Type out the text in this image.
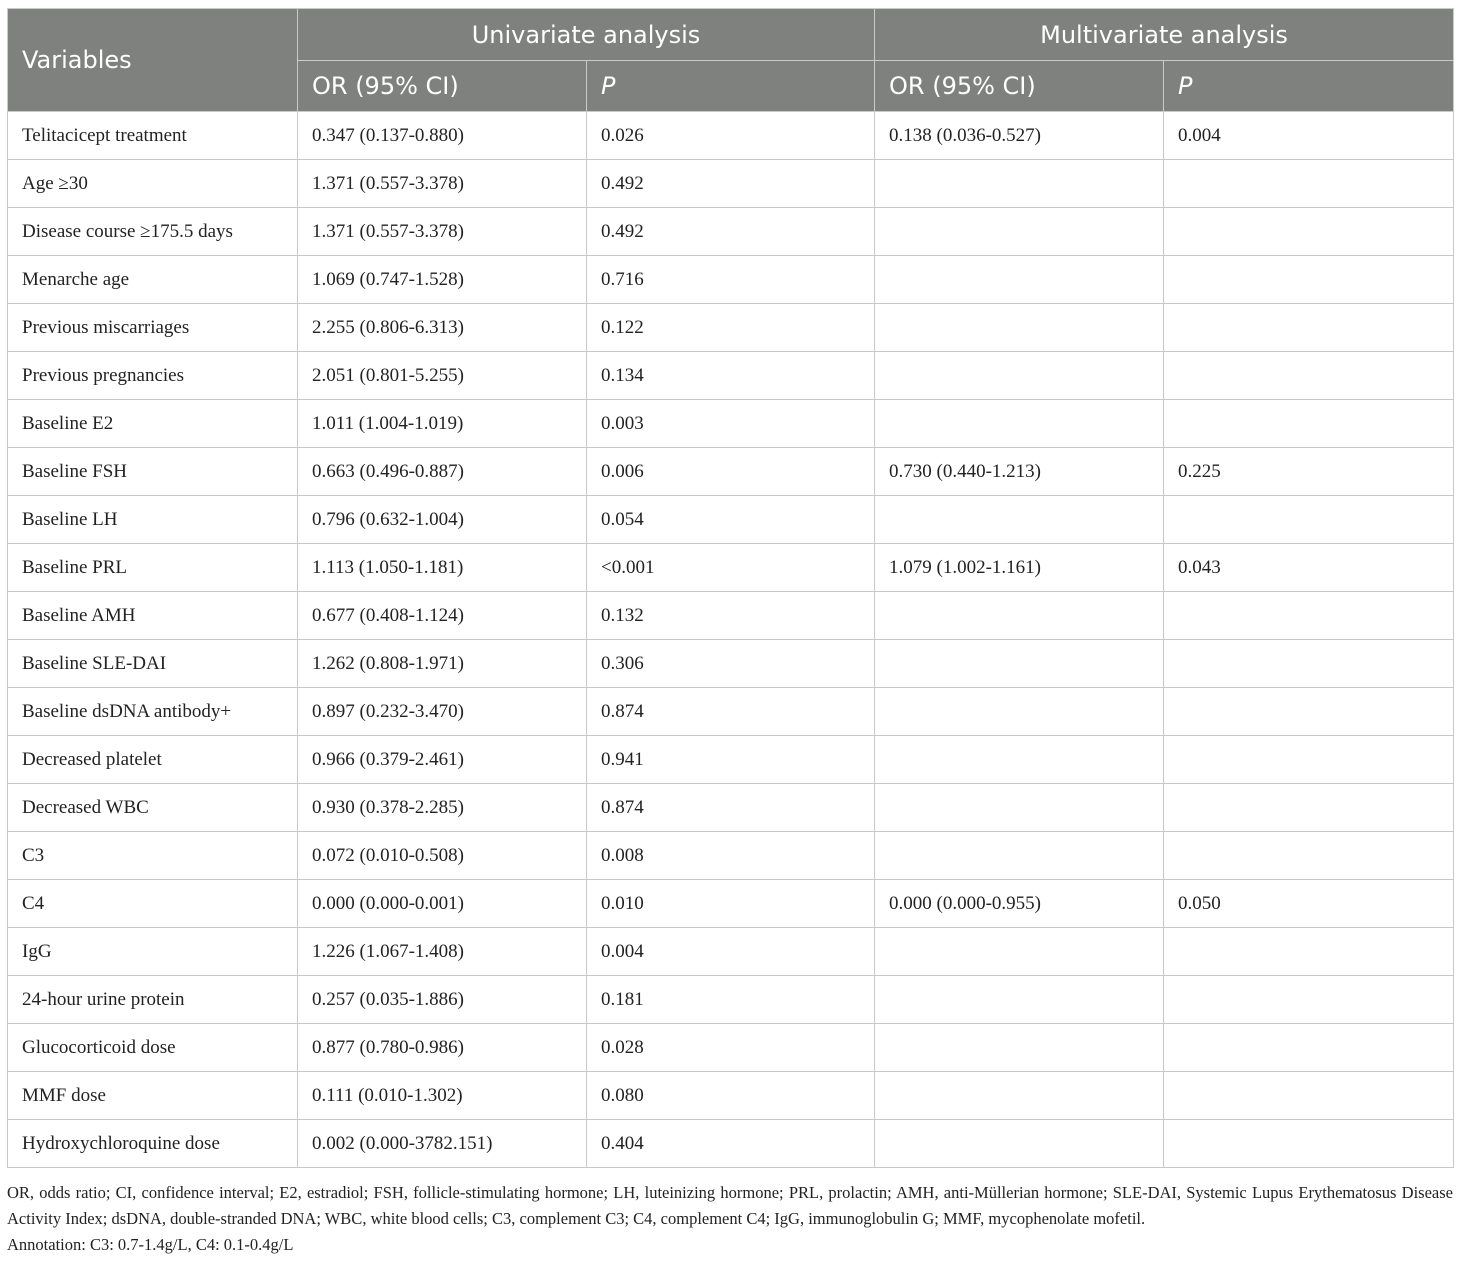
Variables	Univariate analysis		Multivariate analysis	
	OR (95% CI)	P	OR (95% CI)	P
Telitacicept treatment	0.347 (0.137-0.880)	0.026	0.138 (0.036-0.527)	0.004
Age ≥30	1.371 (0.557-3.378)	0.492		
Disease course ≥175.5 days	1.371 (0.557-3.378)	0.492		
Menarche age	1.069 (0.747-1.528)	0.716		
Previous miscarriages	2.255 (0.806-6.313)	0.122		
Previous pregnancies	2.051 (0.801-5.255)	0.134		
Baseline E2	1.011 (1.004-1.019)	0.003		
Baseline FSH	0.663 (0.496-0.887)	0.006	0.730 (0.440-1.213)	0.225
Baseline LH	0.796 (0.632-1.004)	0.054		
Baseline PRL	1.113 (1.050-1.181)	<0.001	1.079 (1.002-1.161)	0.043
Baseline AMH	0.677 (0.408-1.124)	0.132		
Baseline SLE-DAI	1.262 (0.808-1.971)	0.306		
Baseline dsDNA antibody+	0.897 (0.232-3.470)	0.874		
Decreased platelet	0.966 (0.379-2.461)	0.941		
Decreased WBC	0.930 (0.378-2.285)	0.874		
C3	0.072 (0.010-0.508)	0.008		
C4	0.000 (0.000-0.001)	0.010	0.000 (0.000-0.955)	0.050
IgG	1.226 (1.067-1.408)	0.004		
24-hour urine protein	0.257 (0.035-1.886)	0.181		
Glucocorticoid dose	0.877 (0.780-0.986)	0.028		
MMF dose	0.111 (0.010-1.302)	0.080		
Hydroxychloroquine dose	0.002 (0.000-3782.151)	0.404		

OR, odds ratio; CI, confidence interval; E2, estradiol; FSH, follicle-stimulating hormone; LH, luteinizing hormone; PRL, prolactin; AMH, anti-Müllerian hormone; SLE-DAI, Systemic Lupus Erythematosus Disease Activity Index; dsDNA, double-stranded DNA; WBC, white blood cells; C3, complement C3; C4, complement C4; IgG, immunoglobulin G; MMF, mycophenolate mofetil.

Annotation: C3: 0.7-1.4g/L, C4: 0.1-0.4g/L
